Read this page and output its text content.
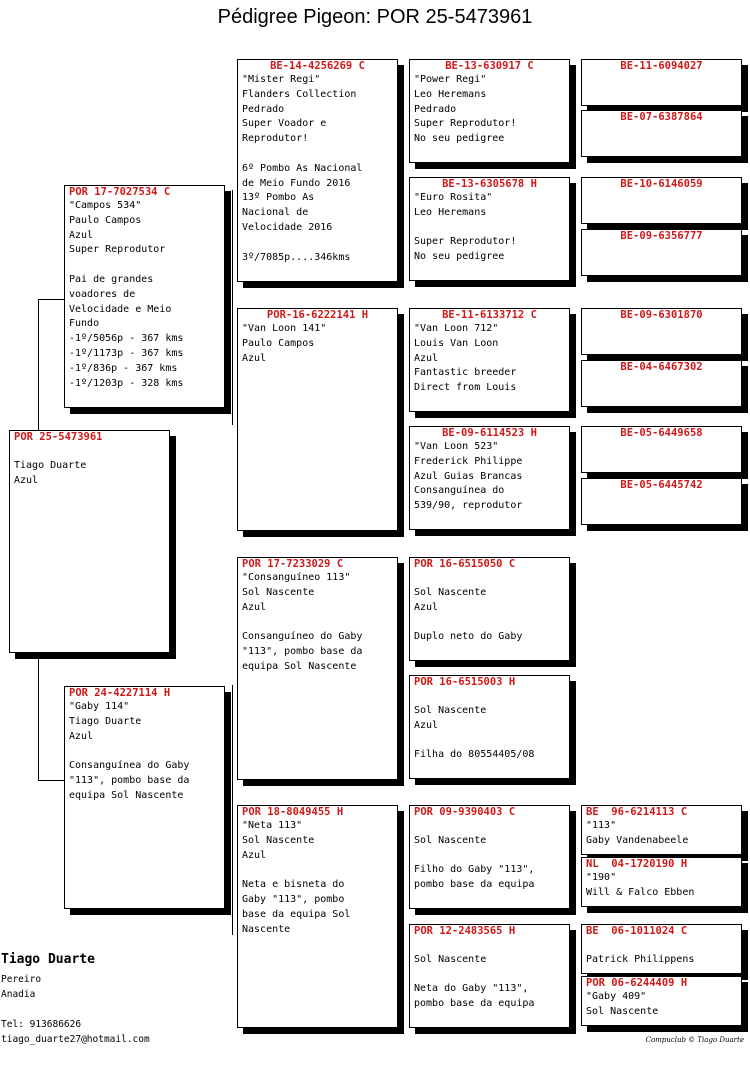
Pédigree Pigeon: POR 25-5473961
POR 25-5473961

Tiago Duarte
Azul
POR 17-7027534 C
"Campos 534"
Paulo Campos
Azul
Super Reprodutor

Pai de grandes
voadores de
Velocidade e Meio
Fundo
-1º/5056p - 367 kms
-1º/1173p - 367 kms
-1º/836p - 367 kms
-1º/1203p - 328 kms
POR 24-4227114 H
"Gaby 114"
Tiago Duarte
Azul

Consanguínea do Gaby
"113", pombo base da
equipa Sol Nascente
BE-14-4256269 C
"Mister Regi"
Flanders Collection
Pedrado
Super Voador e
Reprodutor!

6º Pombo As Nacional
de Meio Fundo 2016
13º Pombo As
Nacional de
Velocidade 2016

3º/7085p....346kms
POR-16-6222141 H
"Van Loon 141"
Paulo Campos
Azul
POR 17-7233029 C
"Consanguíneo 113"
Sol Nascente
Azul

Consanguíneo do Gaby
"113", pombo base da
equipa Sol Nascente
POR 18-8049455 H
"Neta 113"
Sol Nascente
Azul

Neta e bisneta do
Gaby "113", pombo
base da equipa Sol
Nascente
BE-13-630917 C
"Power Regi"
Leo Heremans
Pedrado
Super Reprodutor!
No seu pedigree
BE-13-6305678 H
"Euro Rosita"
Leo Heremans

Super Reprodutor!
No seu pedigree
BE-11-6133712 C
"Van Loon 712"
Louis Van Loon
Azul
Fantastic breeder
Direct from Louis
BE-09-6114523 H
"Van Loon 523"
Frederick Philippe
Azul Guias Brancas
Consanguínea do
539/90, reprodutor
POR 16-6515050 C

Sol Nascente
Azul

Duplo neto do Gaby
POR 16-6515003 H

Sol Nascente
Azul

Filha do 80554405/08
POR 09-9390403 C

Sol Nascente

Filho do Gaby "113",
pombo base da equipa
POR 12-2483565 H

Sol Nascente

Neta do Gaby "113",
pombo base da equipa
BE-11-6094027
BE-07-6387864
BE-10-6146059
BE-09-6356777
BE-09-6301870
BE-04-6467302
BE-05-6449658
BE-05-6445742
BE  96-6214113 C
"113"
Gaby Vandenabeele
NL  04-1720190 H
"190"
Will & Falco Ebben
BE  06-1011024 C

Patrick Philippens
POR 06-6244409 H
"Gaby 409"
Sol Nascente
Tiago Duarte
Pereiro
Anadia

Tel: 913686626
tiago_duarte27@hotmail.com	Compuclub © Tiago Duarte
